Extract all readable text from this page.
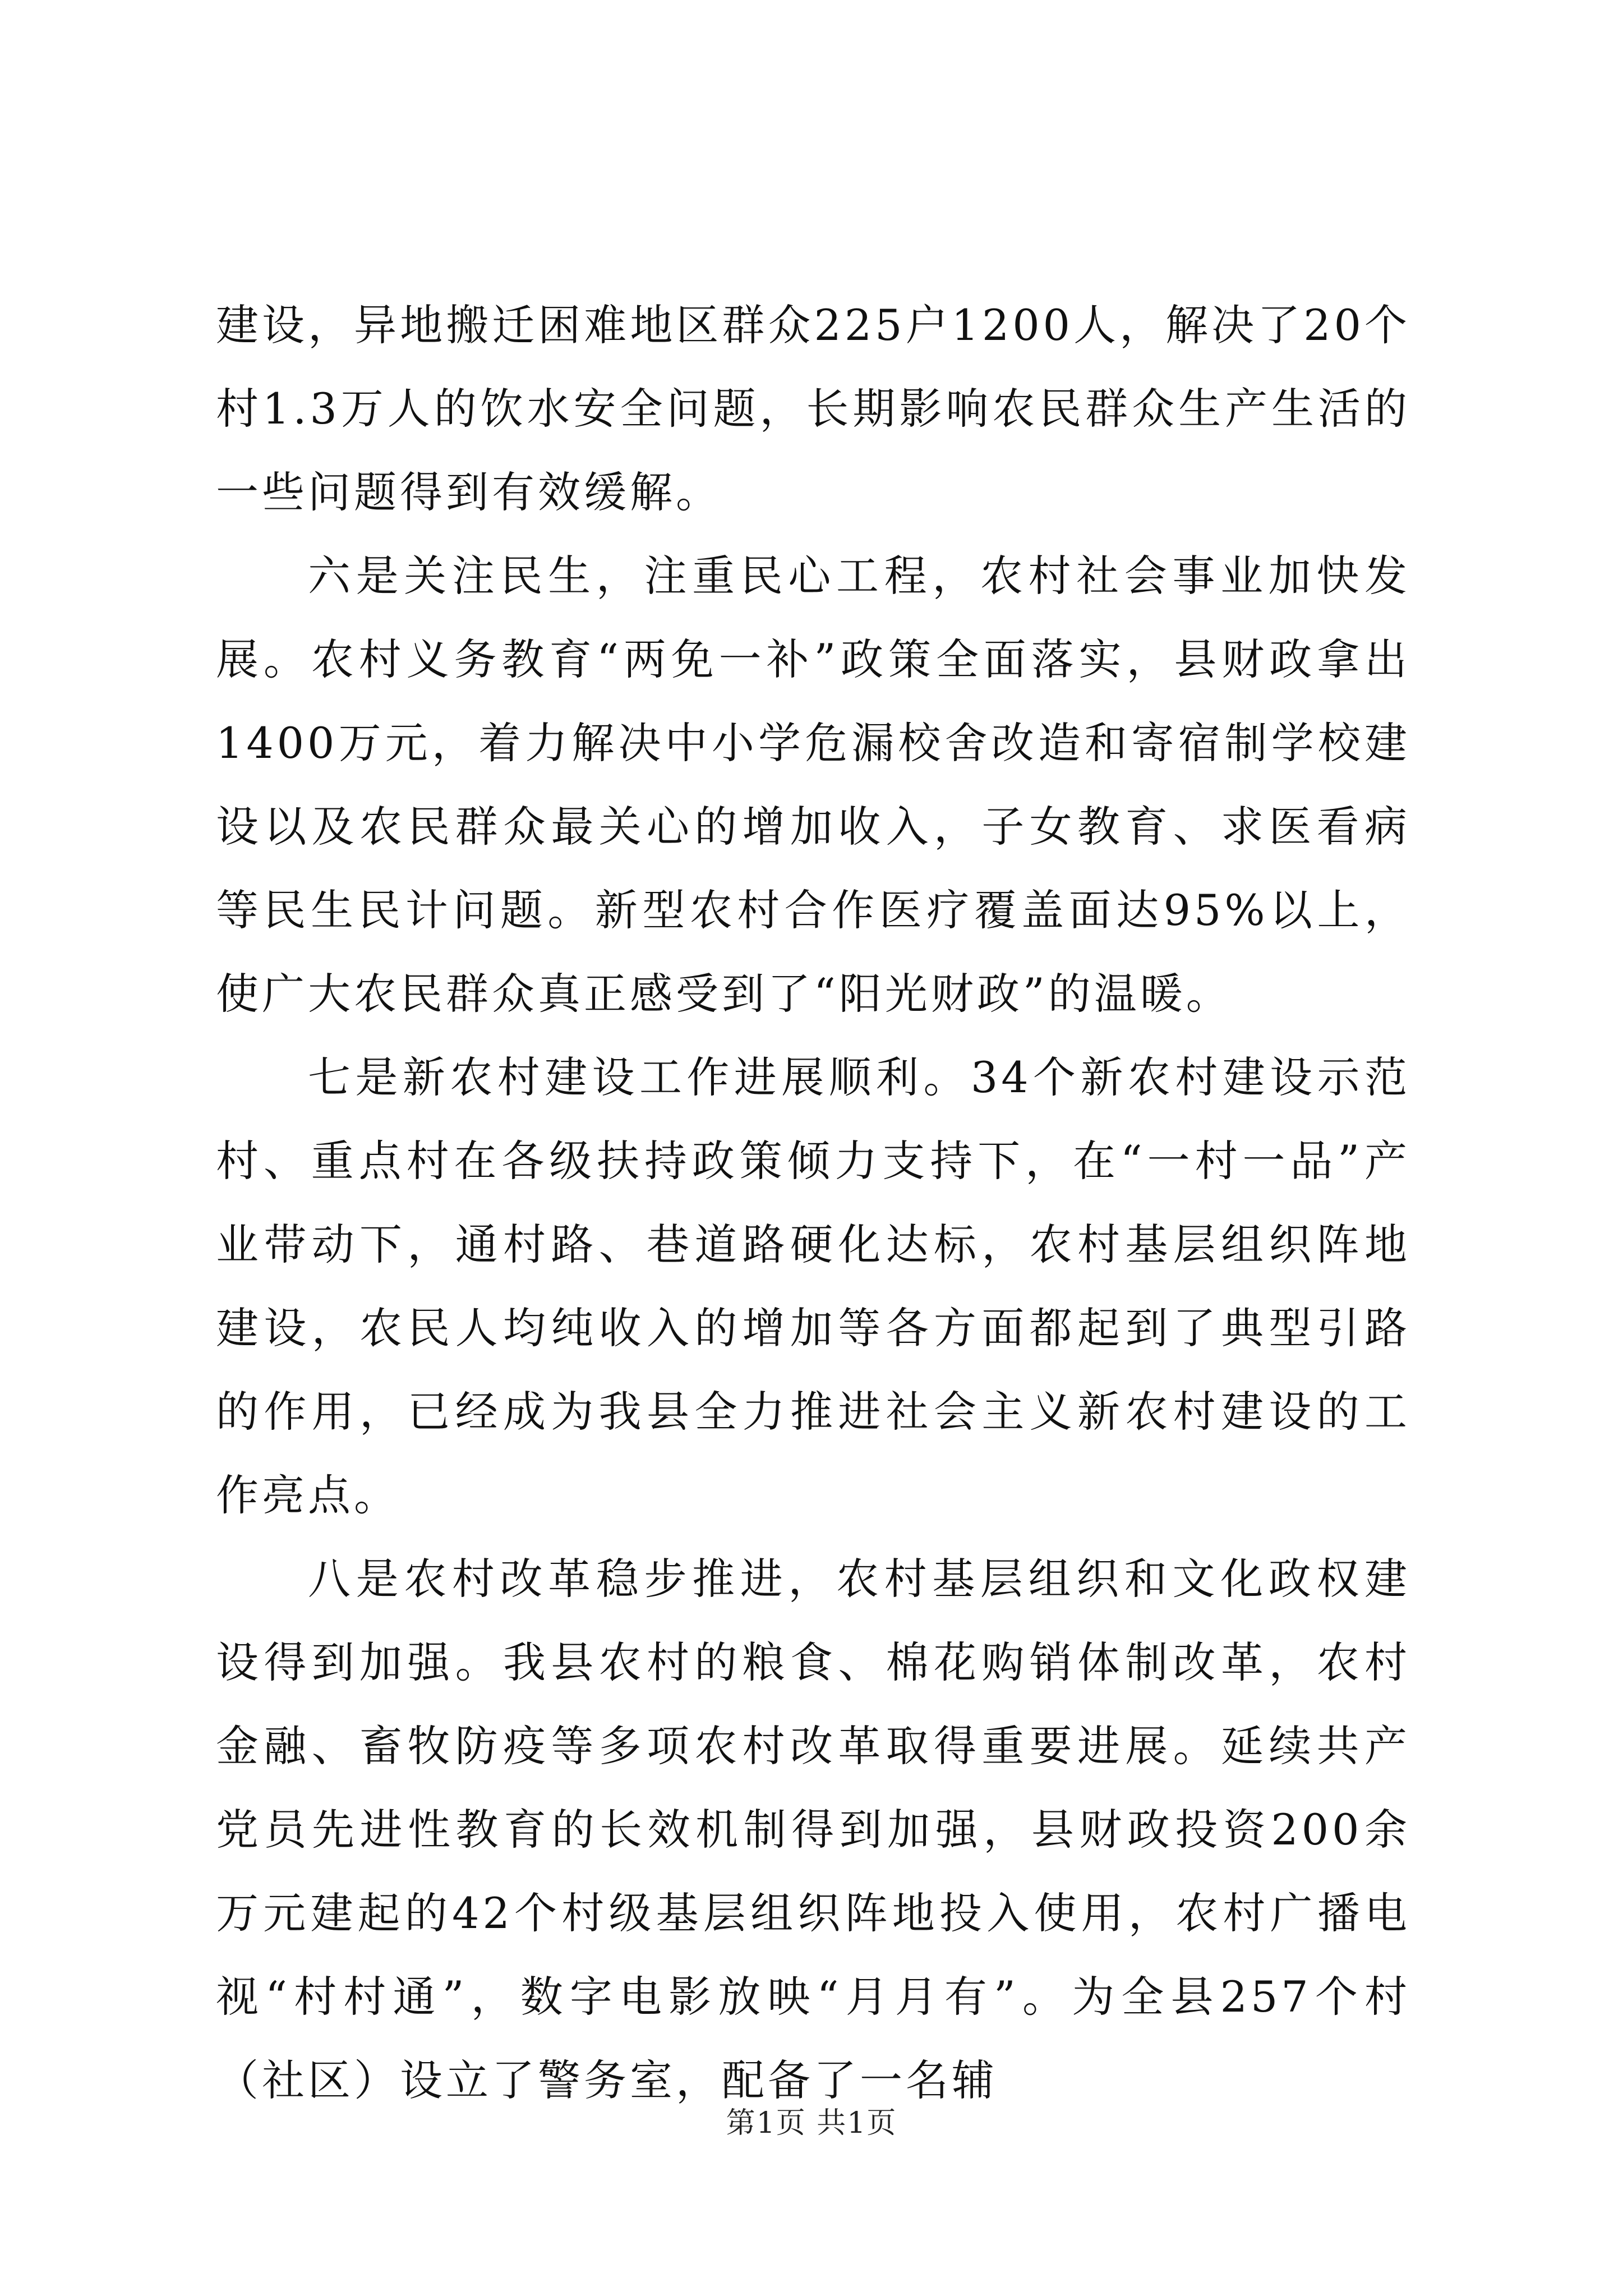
建设，异地搬迁困难地区群众225户1200人，解决了20个村1.3万人的饮水安全问题，长期影响农民群众生产生活的一些问题得到有效缓解。

六是关注民生，注重民心工程，农村社会事业加快发展。农村义务教育“两免一补”政策全面落实，县财政拿出1400万元，着力解决中小学危漏校舍改造和寄宿制学校建设以及农民群众最关心的增加收入，子女教育、求医看病等民生民计问题。新型农村合作医疗覆盖面达95%以上，使广大农民群众真正感受到了“阳光财政”的温暖。

七是新农村建设工作进展顺利。34个新农村建设示范村、重点村在各级扶持政策倾力支持下，在“一村一品”产业带动下，通村路、巷道路硬化达标，农村基层组织阵地建设，农民人均纯收入的增加等各方面都起到了典型引路的作用，已经成为我县全力推进社会主义新农村建设的工作亮点。

八是农村改革稳步推进，农村基层组织和文化政权建设得到加强。我县农村的粮食、棉花购销体制改革，农村金融、畜牧防疫等多项农村改革取得重要进展。延续共产党员先进性教育的长效机制得到加强，县财政投资200余万元建起的42个村级基层组织阵地投入使用，农村广播电视“村村通”，数字电影放映“月月有”。为全县257个村（社区）设立了警务室，配备了一名辅

第1页 共1页
